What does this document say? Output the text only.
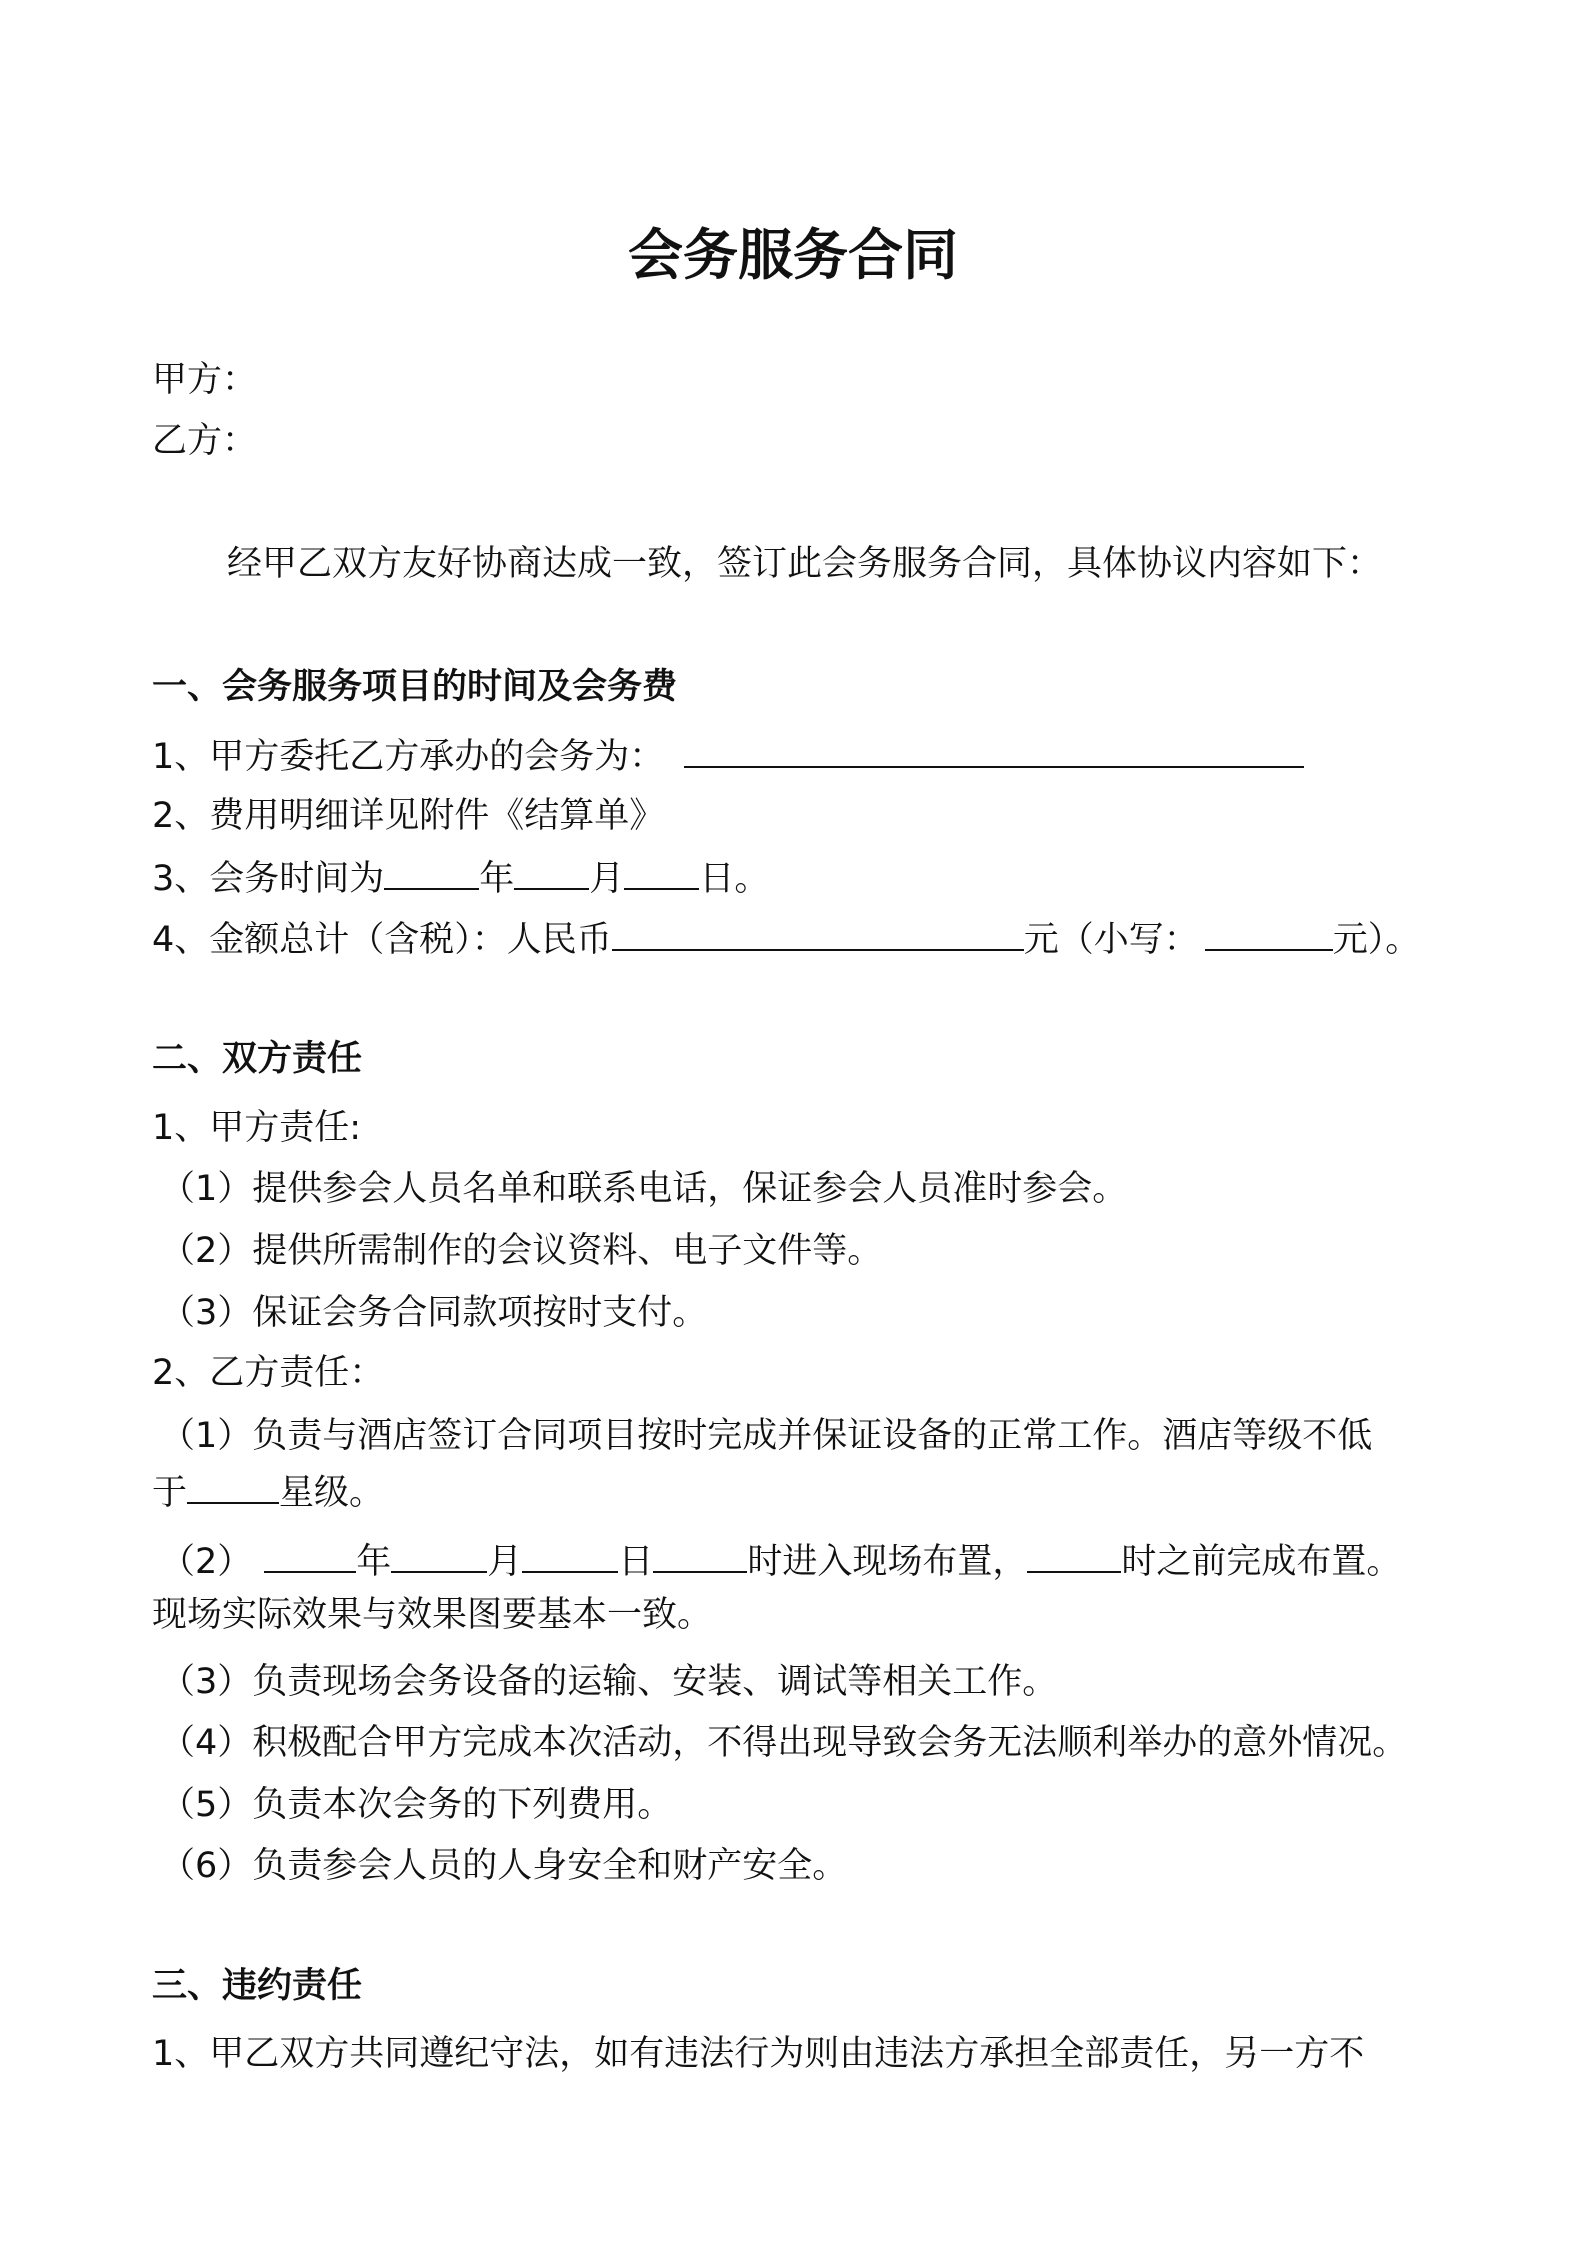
会务服务合同
甲方：
乙方：
经甲乙双方友好协商达成一致，签订此会务服务合同，具体协议内容如下：
一、会务服务项目的时间及会务费
1、甲方委托乙方承办的会务为：
2、费用明细详见附件《结算单》
3、会务时间为	年 月 日。
4、金额总计（含税）：人民币	元（小写：	元）。
二、双方责任
1、甲方责任:
（1）提供参会人员名单和联系电话，保证参会人员准时参会。
（2）提供所需制作的会议资料、电子文件等。
（3）保证会务合同款项按时支付。
2、乙方责任：
（1）负责与酒店签订合同项目按时完成并保证设备的正常工作。酒店等级不低
于	星级。
（2）	年	月	日	时进入现场布置，	时之前完成布置。
现场实际效果与效果图要基本一致。
（3）负责现场会务设备的运输、安装、调试等相关工作。
（4）积极配合甲方完成本次活动，不得出现导致会务无法顺利举办的意外情况。
（5）负责本次会务的下列费用。
（6）负责参会人员的人身安全和财产安全。
三、违约责任
1、甲乙双方共同遵纪守法，如有违法行为则由违法方承担全部责任，另一方不
